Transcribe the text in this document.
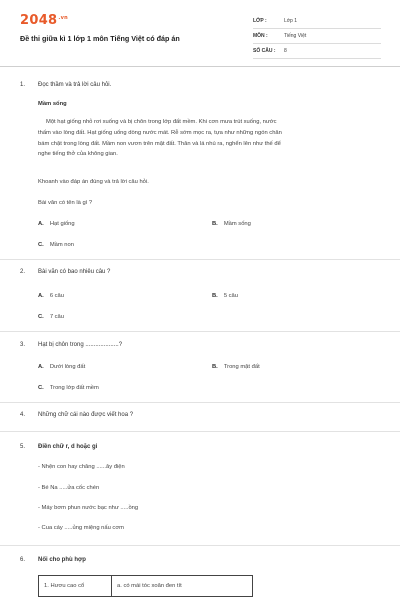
$2048^{.vn}$
Đề thi giữa kì 1 lớp 1 môn Tiếng Việt có đáp án
LỚP :	Lớp 1
MÔN :	Tiếng Việt
SỐ CÂU :	8
1. Đọc thầm và trả lời câu hỏi.
Mầm sống
Một hạt giống nhỏ rơi xuống và bị chôn trong lớp đất mềm. Khi cơn mưa trút xuống, nước
thấm vào lòng đất. Hạt giống uống dòng nước mát. Rễ sớm mọc ra, tựa như những ngón chân
bám chặt trong lòng đất. Mầm non vươn trên mặt đất. Thân và lá nhú ra, nghển lên như thế để
nghe tiếng thở của không gian.
Khoanh vào đáp án đúng và trả lời câu hỏi.
Bài văn có tên là gì ?
A. Hạt giống	B. Mầm sống
C. Mầm non
2. Bài văn có bao nhiêu câu ?
A. 6 câu	B. 5 câu
C. 7 câu
3. Hạt bị chôn trong ....................?
A. Dưới lòng đất	B. Trong mặt đất
C. Trong lớp đất mềm
4. Những chữ cái nào được viết hoa ?
5. Điền chữ r, d hoặc gi
- Nhện con hay chăng ......ây điện
- Bé Na .....ửa cốc chén
- Máy bơm phun nước bạc như .....ồng
- Cua cáy .....ủng miệng nấu cơm
6. Nối cho phù hợp
1. Hươu cao cổ	a. có mái tóc xoăn đen tít
